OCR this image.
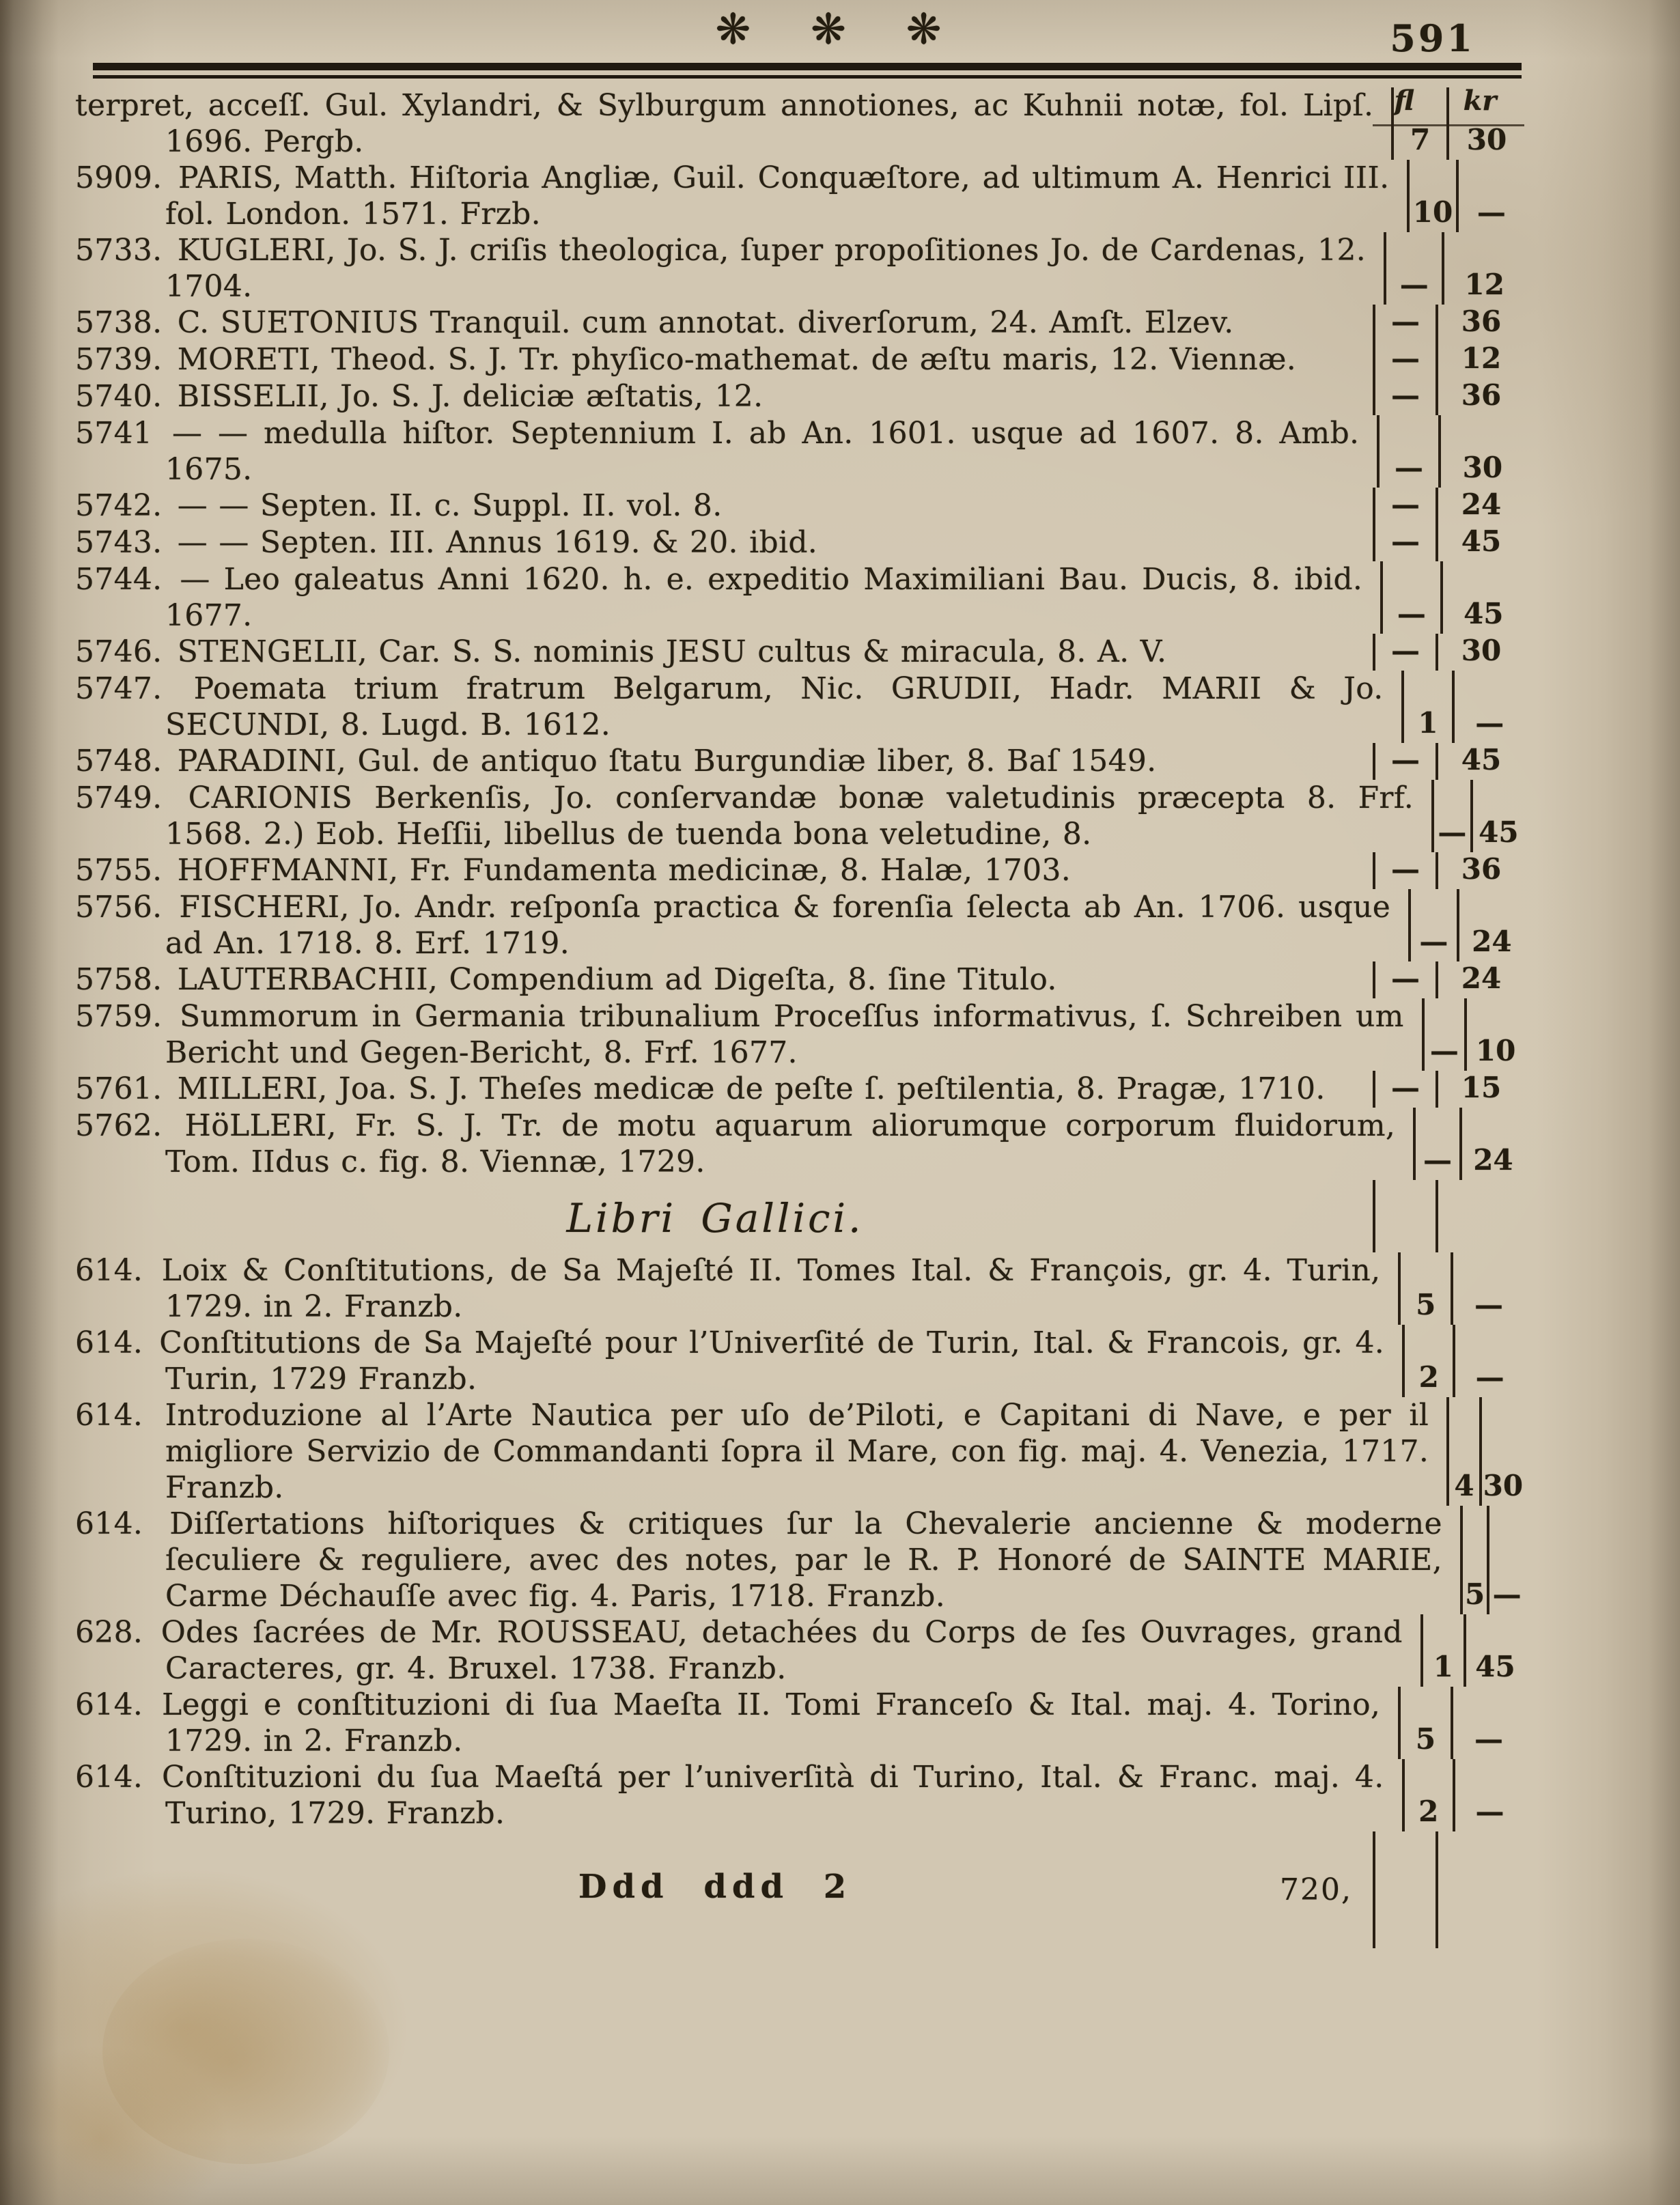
❋ ❋ ❋	591
fl	kr
terpret, acceſſ. Gul. Xylandri, & Sylburgum annotiones, ac Kuhnii notæ, fol. Lipſ. 1696. Pergb.	7	30
5909. PARIS, Matth. Hiſtoria Angliæ, Guil. Conquæſtore, ad ultimum A. Henrici III. fol. London. 1571. Frzb.	10 —
5733. KUGLERI, Jo. S. J. criſis theologica, ſuper propoſitiones Jo. de Cardenas, 12. 1704.	—	12
5738. C. SUETONIUS Tranquil. cum annotat. diverſorum, 24. Amſt. Elzev.	—	36
5739. MORETI, Theod. S. J. Tr. phyſico-mathemat. de æſtu maris, 12. Viennæ.	—	12
5740. BISSELII, Jo. S. J. deliciæ æſtatis, 12.	—	36
5741 — — medulla hiſtor. Septennium I. ab An. 1601. usque ad 1607. 8. Amb. 1675.	—	30
5742. — — Septen. II. c. Suppl. II. vol. 8.	—	24
5743. — — Septen. III. Annus 1619. & 20. ibid.	—	45
5744. — Leo galeatus Anni 1620. h. e. expeditio Maximiliani Bau. Ducis, 8. ibid. 1677.	—	45
5746. STENGELII, Car. S. S. nominis JESU cultus & miracula, 8. A. V.	—	30
5747. Poemata trium fratrum Belgarum, Nic. GRUDII, Hadr. MARII & Jo. SECUNDI, 8. Lugd. B. 1612.	1	—
5748. PARADINI, Gul. de antiquo ſtatu Burgundiæ liber, 8. Baſ 1549.	—	45
5749. CARIONIS Berkenſis, Jo. conſervandæ bonæ valetudinis præcepta 8. Frf. 1568. 2.) Eob. Heſſii, libellus de tuenda bona veletudine, 8.	— 45
5755. HOFFMANNI, Fr. Fundamenta medicinæ, 8. Halæ, 1703.	—	36
5756. FISCHERI, Jo. Andr. reſponſa practica & forenſia ſelecta ab An. 1706. usque ad An. 1718. 8. Erf. 1719.	— 24
5758. LAUTERBACHII, Compendium ad Digeſta, 8. ſine Titulo.	—	24
5759. Summorum in Germania tribunalium Proceſſus informativus, ſ. Schreiben um Bericht und Gegen-Bericht, 8. Frf. 1677.	— 10
5761. MILLERI, Joa. S. J. Theſes medicæ de peſte ſ. peſtilentia, 8. Pragæ, 1710.	—	15
5762. HöLLERI, Fr. S. J. Tr. de motu aquarum aliorumque corporum fluidorum, Tom. IIdus c. fig. 8. Viennæ, 1729.	— 24
Libri Gallici.
614. Loix & Conſtitutions, de Sa Majeſté II. Tomes Ital. & François, gr. 4. Turin, 1729. in 2. Franzb.	5	—
614. Conſtitutions de Sa Majeſté pour l’Univerſité de Turin, Ital. & Francois, gr. 4. Turin, 1729 Franzb.	2	—
614. Introduzione al l’Arte Nautica per uſo de’Piloti, e Capitani di Nave, e per il migliore Servizio de Commandanti ſopra il Mare, con fig. maj. 4. Venezia, 1717. Franzb.	4 30
614. Diſſertations hiſtoriques & critiques ſur la Chevalerie ancienne & moderne ſeculiere & reguliere, avec des notes, par le R. P. Honoré de SAINTE MARIE, Carme Déchauſſe avec fig. 4. Paris, 1718. Franzb.	5 —
628. Odes ſacrées de Mr. ROUSSEAU, detachées du Corps de ſes Ouvrages, grand Caracteres, gr. 4. Bruxel. 1738. Franzb.	1 45
614. Leggi e conſtituzioni di ſua Maeſta II. Tomi Franceſo & Ital. maj. 4. Torino, 1729. in 2. Franzb.	5	—
614. Conſtituzioni du ſua Maeſtá per l’univerſità di Turino, Ital. & Franc. maj. 4. Turino, 1729. Franzb.	2	—
Ddd ddd 2	720,
